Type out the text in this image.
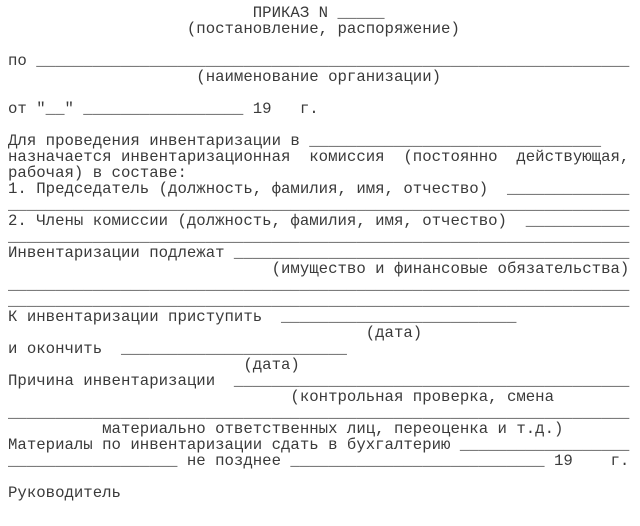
ПРИКАЗ N _____
(постановление, распоряжение)
по _______________________________________________________________
(наименование организации)
от "__" _________________ 19   г.
Для проведения инвентаризации в _______________________________
назначается инвентаризационная  комиссия  (постоянно  действующая,
рабочая) в составе:
1. Председатель (должность, фамилия, имя, отчество)  _____________
__________________________________________________________________
2. Члены комиссии (должность, фамилия, имя, отчество)  ___________
__________________________________________________________________
Инвентаризации подлежат __________________________________________
(имущество и финансовые обязательства)
__________________________________________________________________
__________________________________________________________________
К инвентаризации приступить  _________________________
(дата)
и окончить  ________________________
(дата)
Причина инвентаризации  __________________________________________
(контрольная проверка, смена
__________________________________________________________________
материально ответственных лиц, переоценка и т.д.)
Материалы по инвентаризации сдать в бухгалтерию __________________
__________________ не позднее ___________________________ 19    г.
Руководитель
